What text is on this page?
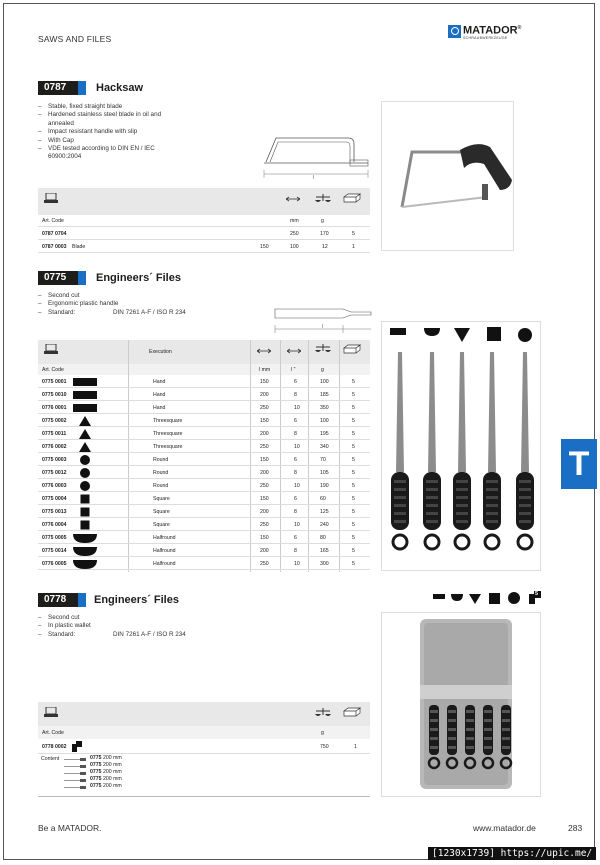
SAWS AND FILES
MATADOR®
SCHRAUBWERKZEUGE
0787	Hacksaw
– Stable, fixed straight blade
– Hardened stainless steel blade in oil and annealed
– Impact resistant handle with slip
– With Cap
– VDE tested according to DIN EN / IEC 60900:2004
l
Art. Code	mm	g
0787 0704	250	170	5
0787 0003 Blade	150	100	12	1
0775	Engineers´ Files
– Second cut
– Ergonomic plastic handle
– Standard:	DIN 7261 A-F / ISO R 234
l
Execution
Art. Code	l mm	l "	g
0775 0001	Hand	150	6	100	5
0775 0010	Hand	200	8	185	5
0776 0001	Hand	250	10	350	5
0775 0002	Threesquare	150	6	100	5
0775 0011	Threesquare	200	8	195	5
0776 0002	Threesquare	250	10	340	5
0775 0003	Round	150	6	70	5
0775 0012	Round	200	8	105	5
0776 0003	Round	250	10	190	5
0775 0004	Square	150	6	60	5
0775 0013	Square	200	8	125	5
0776 0004	Square	250	10	240	5
0775 0005	Halfround	150	6	80	5
0775 0014	Halfround	200	8	165	5
0776 0005	Halfround	250	10	300	5
T
0778	Engineers´ Files
– Second cut
– In plastic wallet
– Standard:	DIN 7261 A-F / ISO R 234
5
Art. Code	g
0778 0002	750	1
Content	0775 200 mm
0775 200 mm
0775 200 mm
0775 200 mm
0775 200 mm
Be a MATADOR.	www.matador.de	283
[1230x1739] https://upic.me/
